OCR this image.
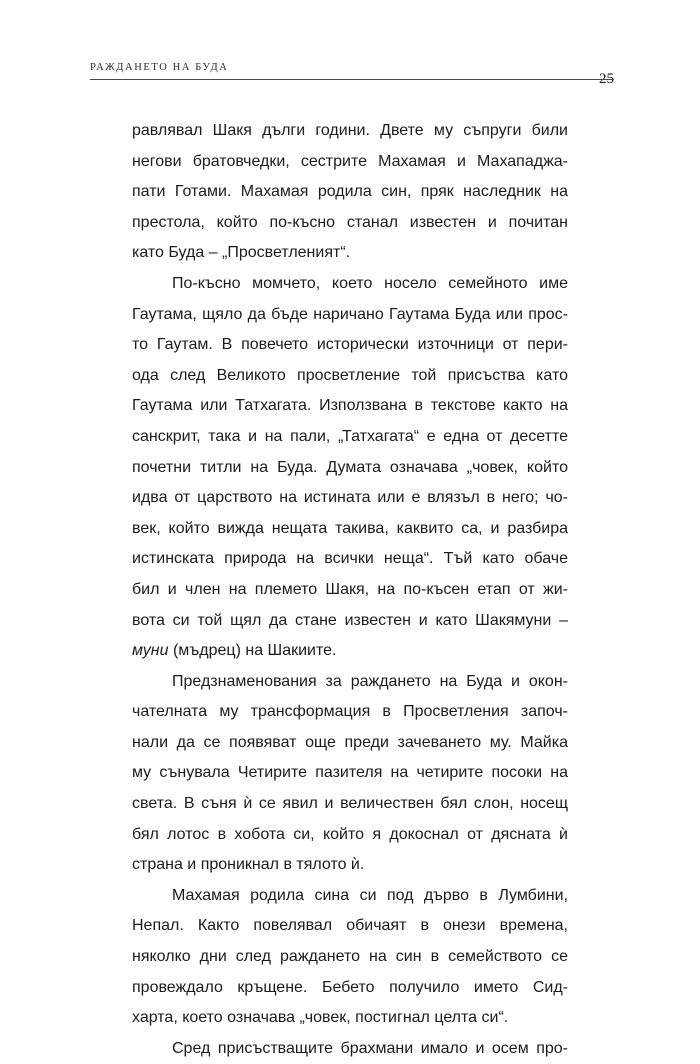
РАЖДАНЕТО НА БУДА
25
равлявал Шакя дълги години. Двете му съпруги били
негови братовчедки, сестрите Махамая и Махападжа-
пати Готами. Махамая родила син, пряк наследник на
престола, който по-късно станал известен и почитан
като Буда – „Просветленият“.
По-късно момчето, което носело семейното име
Гаутама, щяло да бъде наричано Гаутама Буда или прос-
то Гаутам. В повечето исторически източници от пери-
ода след Великото просветление той присъства като
Гаутама или Татхагата. Използвана в текстове както на
санскрит, така и на пали, „Татхагата“ е една от десетте
почетни титли на Буда. Думата означава „човек, който
идва от царството на истината или е влязъл в него; чо-
век, който вижда нещата такива, каквито са, и разбира
истинската природа на всички неща“. Тъй като обаче
бил и член на племето Шакя, на по-късен етап от жи-
вота си той щял да стане известен и като Шакямуни –
муни (мъдрец) на Шакиите.
Предзнаменования за раждането на Буда и окон-
чателната му трансформация в Просветления започ-
нали да се появяват още преди зачеването му. Майка
му сънувала Четирите пазителя на четирите посоки на
света. В съня ѝ се явил и величествен бял слон, носещ
бял лотос в хобота си, който я докоснал от дясната ѝ
страна и проникнал в тялото ѝ.
Махамая родила сина си под дърво в Лумбини,
Непал. Както повелявал обичаят в онези времена,
няколко дни след раждането на син в семейството се
провеждало кръщене. Бебето получило името Сид-
харта, което означава „човек, постигнал целта си“.
Сред присъстващите брахмани имало и осем про-
